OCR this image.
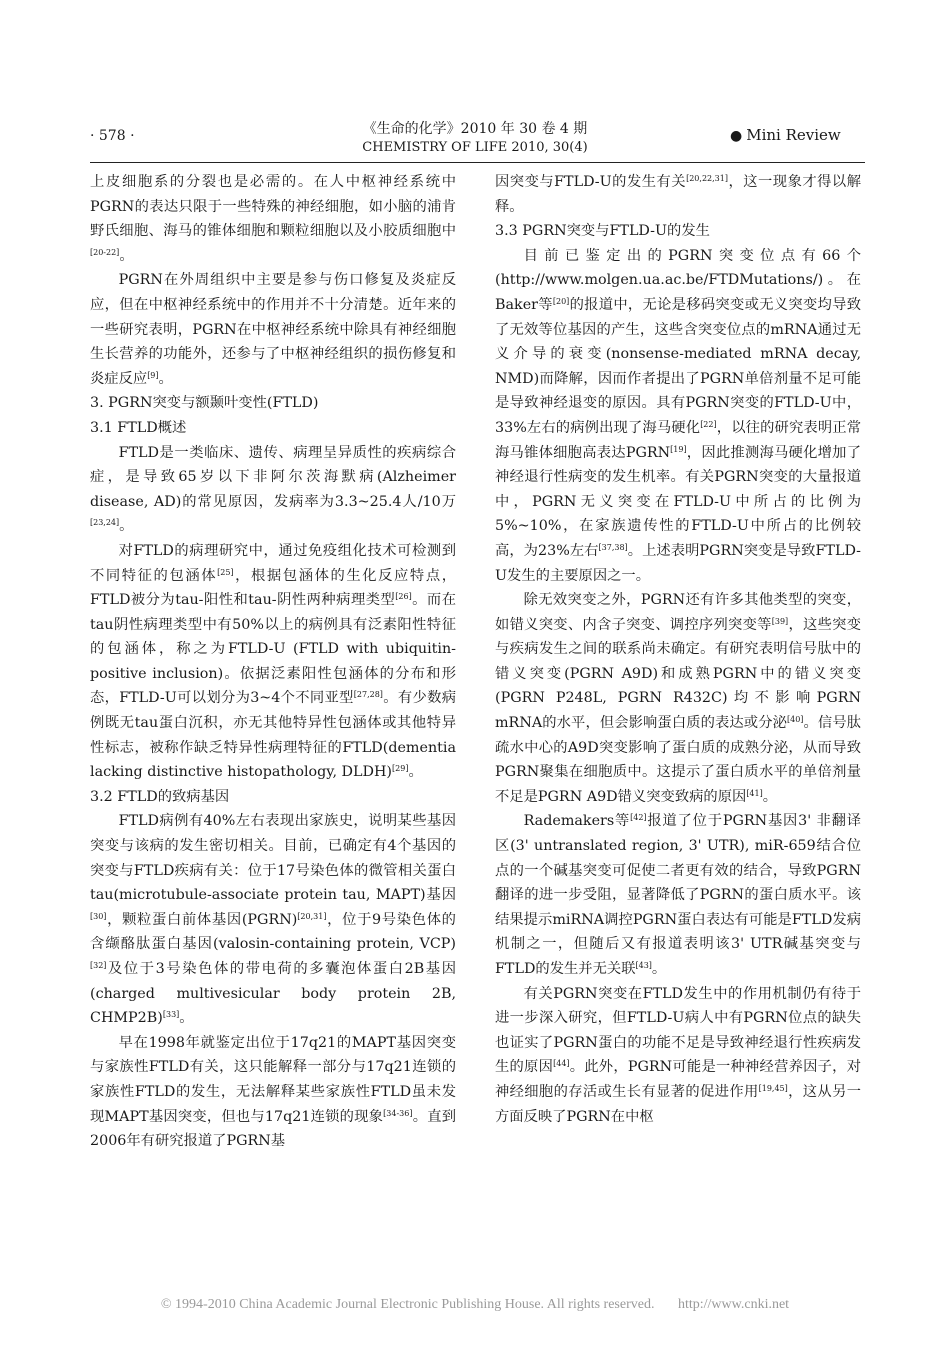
· 578 ·	《生命的化学》2010 年 30 卷 4 期
CHEMISTRY OF LIFE 2010, 30(4)
● Mini Review

上皮细胞系的分裂也是必需的。在人中枢神经系统中PGRN的表达只限于一些特殊的神经细胞，如小脑的浦肯野氏细胞、海马的锥体细胞和颗粒细胞以及小胶质细胞中[20-22]。

PGRN在外周组织中主要是参与伤口修复及炎症反应，但在中枢神经系统中的作用并不十分清楚。近年来的一些研究表明，PGRN在中枢神经系统中除具有神经细胞生长营养的功能外，还参与了中枢神经组织的损伤修复和炎症反应[9]。

3. PGRN突变与额颞叶变性(FTLD)
3.1 FTLD概述

FTLD是一类临床、遗传、病理呈异质性的疾病综合症，是导致65岁以下非阿尔茨海默病(Alzheimer disease, AD)的常见原因，发病率为3.3~25.4人/10万[23,24]。

对FTLD的病理研究中，通过免疫组化技术可检测到不同特征的包涵体[25]，根据包涵体的生化反应特点，FTLD被分为tau-阳性和tau-阴性两种病理类型[26]。而在tau阴性病理类型中有50%以上的病例具有泛素阳性特征的包涵体，称之为FTLD-U (FTLD with ubiquitin-positive inclusion)。依据泛素阳性包涵体的分布和形态，FTLD-U可以划分为3~4个不同亚型[27,28]。有少数病例既无tau蛋白沉积，亦无其他特异性包涵体或其他特异性标志，被称作缺乏特异性病理特征的FTLD(dementia lacking distinctive histopathology, DLDH)[29]。

3.2 FTLD的致病基因

FTLD病例有40%左右表现出家族史，说明某些基因突变与该病的发生密切相关。目前，已确定有4个基因的突变与FTLD疾病有关：位于17号染色体的微管相关蛋白tau(microtubule-associate protein tau, MAPT)基因[30]，颗粒蛋白前体基因(PGRN)[20,31]，位于9号染色体的含缬酪肽蛋白基因(valosin-containing protein, VCP)[32]及位于3号染色体的带电荷的多囊泡体蛋白2B基因(charged multivesicular body protein 2B, CHMP2B)[33]。

早在1998年就鉴定出位于17q21的MAPT基因突变与家族性FTLD有关，这只能解释一部分与17q21连锁的家族性FTLD的发生，无法解释某些家族性FTLD虽未发现MAPT基因突变，但也与17q21连锁的现象[34-36]。直到2006年有研究报道了PGRN基

因突变与FTLD-U的发生有关[20,22,31]，这一现象才得以解释。

3.3 PGRN突变与FTLD-U的发生

目前已鉴定出的PGRN突变位点有66个(http://www.molgen.ua.ac.be/FTDMutations/)。在Baker等[20]的报道中，无论是移码突变或无义突变均导致了无效等位基因的产生，这些含突变位点的mRNA通过无义介导的衰变(nonsense-mediated mRNA decay, NMD)而降解，因而作者提出了PGRN单倍剂量不足可能是导致神经退变的原因。具有PGRN突变的FTLD-U中，33%左右的病例出现了海马硬化[22]，以往的研究表明正常海马锥体细胞高表达PGRN[19]，因此推测海马硬化增加了神经退行性病变的发生机率。有关PGRN突变的大量报道中，PGRN无义突变在FTLD-U中所占的比例为5%~10%，在家族遗传性的FTLD-U中所占的比例较高，为23%左右[37,38]。上述表明PGRN突变是导致FTLD-U发生的主要原因之一。

除无效突变之外，PGRN还有许多其他类型的突变，如错义突变、内含子突变、调控序列突变等[39]，这些突变与疾病发生之间的联系尚未确定。有研究表明信号肽中的错义突变(PGRN A9D)和成熟PGRN中的错义突变(PGRN P248L, PGRN R432C)均不影响PGRN mRNA的水平，但会影响蛋白质的表达或分泌[40]。信号肽疏水中心的A9D突变影响了蛋白质的成熟分泌，从而导致PGRN聚集在细胞质中。这提示了蛋白质水平的单倍剂量不足是PGRN A9D错义突变致病的原因[41]。

Rademakers等[42]报道了位于PGRN基因3' 非翻译区(3' untranslated region, 3' UTR), miR-659结合位点的一个碱基突变可促使二者更有效的结合，导致PGRN翻译的进一步受阻，显著降低了PGRN的蛋白质水平。该结果提示miRNA调控PGRN蛋白表达有可能是FTLD发病机制之一，但随后又有报道表明该3' UTR碱基突变与FTLD的发生并无关联[43]。

有关PGRN突变在FTLD发生中的作用机制仍有待于进一步深入研究，但FTLD-U病人中有PGRN位点的缺失也证实了PGRN蛋白的功能不足是导致神经退行性疾病发生的原因[44]。此外，PGRN可能是一种神经营养因子，对神经细胞的存活或生长有显著的促进作用[19,45]，这从另一方面反映了PGRN在中枢

© 1994-2010 China Academic Journal Electronic Publishing House. All rights reserved. http://www.cnki.net
